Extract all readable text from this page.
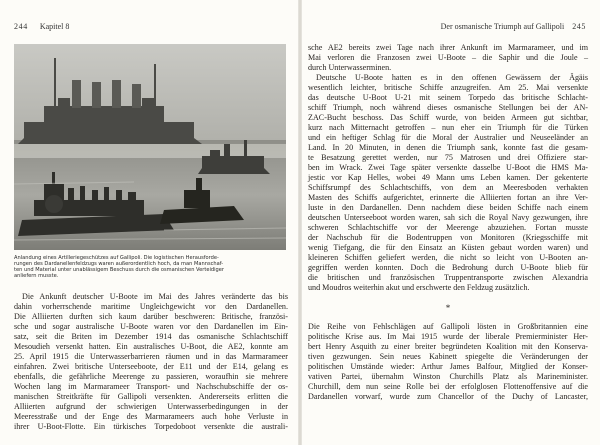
244 Kapitel 8
Anlandung eines Artilleriegeschützes auf Gallipoli. Die logistischen Herausforde-
rungen des Dardanellenfeldzugs waren außerordentlich hoch, da man Mannschaf-
ten und Material unter unablässigem Beschuss durch die osmanischen Verteidiger
anliefern musste.
Die Ankunft deutscher U-Boote im Mai des Jahres veränderte das bis
dahin vorherrschende maritime Ungleichgewicht vor den Dardanellen.
Die Alliierten durften sich kaum darüber beschweren: Britische, französi-
sche und sogar australische U-Boote waren vor den Dardanellen im Ein-
satz, seit die Briten im Dezember 1914 das osmanische Schlachtschiff
Mesoudieh versenkt hatten. Ein australisches U-Boot, die AE2, konnte am
25. April 1915 die Unterwasserbarrieren räumen und in das Marmarameer
einfahren. Zwei britische Unterseeboote, der E11 und der E14, gelang es
ebenfalls, die gefährliche Meerenge zu passieren, woraufhin sie mehrere
Wochen lang im Marmarameer Transport- und Nachschubschiffe der os-
manischen Streitkräfte für Gallipoli versenkten. Andererseits erlitten die
Alliierten aufgrund der schwierigen Unterwasserbedingungen in der
Meeresstraße und der Enge des Marmarameers auch hohe Verluste in
ihrer U-Boot-Flotte. Ein türkisches Torpedoboot versenkte die australi-
Der osmanische Triumph auf Gallipoli 245
sche AE2 bereits zwei Tage nach ihrer Ankunft im Marmarameer, und im
Mai verloren die Franzosen zwei U-Boote – die Saphir und die Joule –
durch Unterwasserminen.
Deutsche U-Boote hatten es in den offenen Gewässern der Ägäis
wesentlich leichter, britische Schiffe anzugreifen. Am 25. Mai versenkte
das deutsche U-Boot U-21 mit seinem Torpedo das britische Schlacht-
schiff Triumph, noch während dieses osmanische Stellungen bei der AN-
ZAC-Bucht beschoss. Das Schiff wurde, von beiden Armeen gut sichtbar,
kurz nach Mitternacht getroffen – nun eher ein Triumph für die Türken
und ein heftiger Schlag für die Moral der Australier und Neuseeländer an
Land. In 20 Minuten, in denen die Triumph sank, konnte fast die gesam-
te Besatzung gerettet werden, nur 75 Matrosen und drei Offiziere star-
ben im Wrack. Zwei Tage später versenkte dasselbe U-Boot die HMS Ma-
jestic vor Kap Helles, wobei 49 Mann ums Leben kamen. Der gekenterte
Schiffsrumpf des Schlachtschiffs, von dem an Meeresboden verhakten
Masten des Schiffs aufgerichtet, erinnerte die Alliierten fortan an ihre Ver-
luste in den Dardanellen. Denn nachdem diese beiden Schiffe nach einem
deutschen Unterseeboot worden waren, sah sich die Royal Navy gezwungen, ihre
schweren Schlachtschiffe vor der Meerenge abzuziehen. Fortan musste
der Nachschub für die Bodentruppen von Monitoren (Kriegsschiffe mit
wenig Tiefgang, die für den Einsatz an Küsten gebaut worden waren) und
kleineren Schiffen geliefert werden, die nicht so leicht von U-Booten an-
gegriffen werden konnten. Doch die Bedrohung durch U-Boote blieb für
die britischen und französischen Truppentransporte zwischen Alexandria
und Moudros weiterhin akut und erschwerte den Feldzug zusätzlich.
*
Die Reihe von Fehlschlägen auf Gallipoli lösten in Großbritannien eine
politische Krise aus. Im Mai 1915 wurde der liberale Premierminister Her-
bert Henry Asquith zu einer breiter begründeten Koalition mit den Konserva-
tiven gezwungen. Sein neues Kabinett spiegelte die Veränderungen der
politischen Umstände wieder: Arthur James Balfour, Mitglied der Konser-
vativen Partei, übernahm Winston Churchills Platz als Marineminister.
Churchill, dem nun seine Rolle bei der erfolglosen Flottenoffensive auf die
Dardanellen vorwarf, wurde zum Chancellor of the Duchy of Lancaster,
